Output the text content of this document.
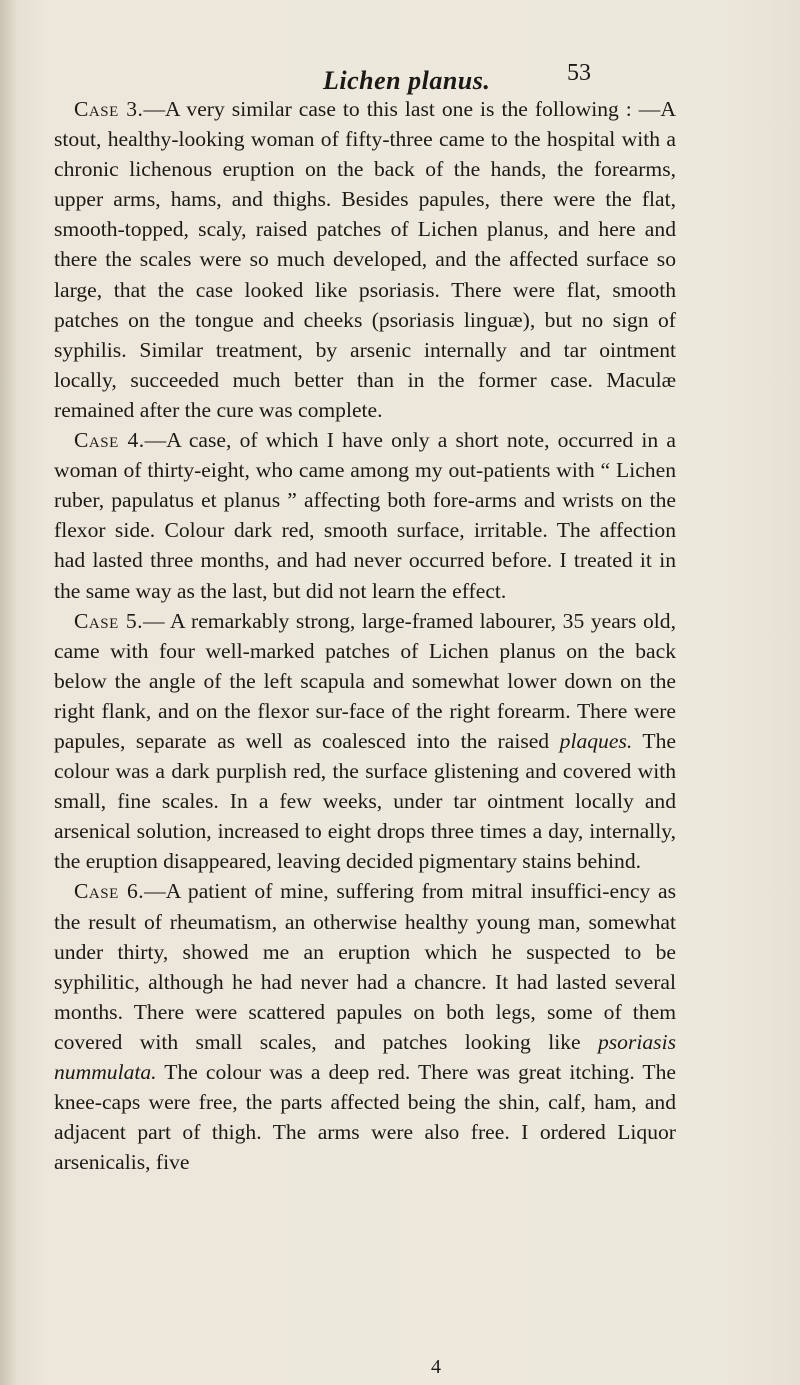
Lichen planus.	53

Case 3.—A very similar case to this last one is the following : —A stout, healthy-looking woman of fifty-three came to the hospital with a chronic lichenous eruption on the back of the hands, the forearms, upper arms, hams, and thighs. Besides papules, there were the flat, smooth-topped, scaly, raised patches of Lichen planus, and here and there the scales were so much developed, and the affected surface so large, that the case looked like psoriasis. There were flat, smooth patches on the tongue and cheeks (psoriasis linguæ), but no sign of syphilis. Similar treatment, by arsenic internally and tar ointment locally, succeeded much better than in the former case. Maculæ remained after the cure was complete.

Case 4.—A case, of which I have only a short note, occurred in a woman of thirty-eight, who came among my out-patients with “ Lichen ruber, papulatus et planus ” affecting both fore-arms and wrists on the flexor side. Colour dark red, smooth surface, irritable. The affection had lasted three months, and had never occurred before. I treated it in the same way as the last, but did not learn the effect.

Case 5.— A remarkably strong, large-framed labourer, 35 years old, came with four well-marked patches of Lichen planus on the back below the angle of the left scapula and somewhat lower down on the right flank, and on the flexor sur-face of the right forearm. There were papules, separate as well as coalesced into the raised plaques. The colour was a dark purplish red, the surface glistening and covered with small, fine scales. In a few weeks, under tar ointment locally and arsenical solution, increased to eight drops three times a day, internally, the eruption disappeared, leaving decided pigmentary stains behind.

Case 6.—A patient of mine, suffering from mitral insuffici-ency as the result of rheumatism, an otherwise healthy young man, somewhat under thirty, showed me an eruption which he suspected to be syphilitic, although he had never had a chancre. It had lasted several months. There were scattered papules on both legs, some of them covered with small scales, and patches looking like psoriasis nummulata. The colour was a deep red. There was great itching. The knee-caps were free, the parts affected being the shin, calf, ham, and adjacent part of thigh. The arms were also free. I ordered Liquor arsenicalis, five

4
